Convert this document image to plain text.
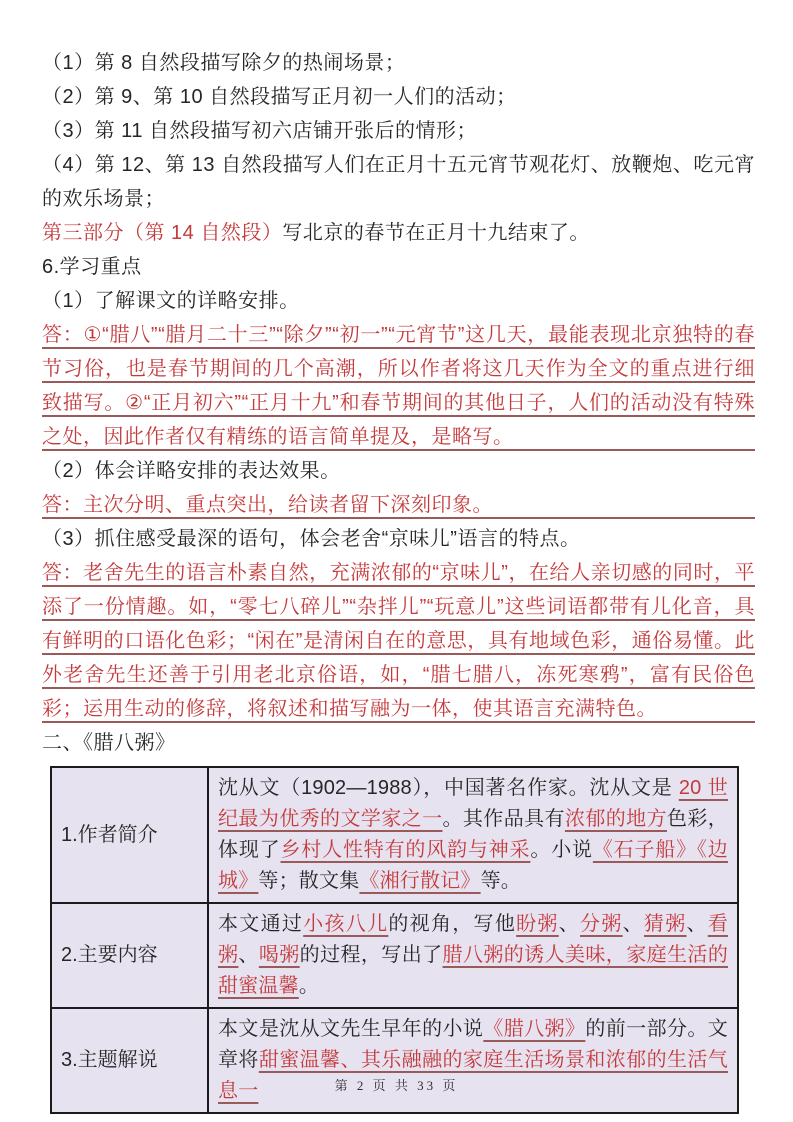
（1）第 8 自然段描写除夕的热闹场景；
（2）第 9、第 10 自然段描写正月初一人们的活动；
（3）第 11 自然段描写初六店铺开张后的情形；
（4）第 12、第 13 自然段描写人们在正月十五元宵节观花灯、放鞭炮、吃元宵的欢乐场景；
第三部分（第 14 自然段）写北京的春节在正月十九结束了。
6.学习重点
（1）了解课文的详略安排。
答：①“腊八”“腊月二十三”“除夕”“初一”“元宵节”这几天，最能表现北京独特的春节习俗，也是春节期间的几个高潮，所以作者将这几天作为全文的重点进行细致描写。②“正月初六”“正月十九”和春节期间的其他日子，人们的活动没有特殊之处，因此作者仅有精练的语言简单提及，是略写。
（2）体会详略安排的表达效果。
答：主次分明、重点突出，给读者留下深刻印象。
（3）抓住感受最深的语句，体会老舍“京味儿”语言的特点。
答：老舍先生的语言朴素自然，充满浓郁的“京味儿”，在给人亲切感的同时，平添了一份情趣。如，“零七八碎儿”“杂拌儿”“玩意儿”这些词语都带有儿化音，具有鲜明的口语化色彩；“闲在”是清闲自在的意思，具有地域色彩，通俗易懂。此外老舍先生还善于引用老北京俗语，如，“腊七腊八，冻死寒鸦”，富有民俗色彩；运用生动的修辞，将叙述和描写融为一体，使其语言充满特色。
二、《腊八粥》
1.作者简介	沈从文（1902—1988），中国著名作家。沈从文是 20 世纪最为优秀的文学家之一。其作品具有浓郁的地方色彩，体现了乡村人性特有的风韵与神采。小说《石子船》《边城》等；散文集《湘行散记》等。
2.主要内容	本文通过小孩八儿的视角，写他盼粥、分粥、猜粥、看粥、喝粥的过程，写出了腊八粥的诱人美味，家庭生活的甜蜜温馨。
3.主题解说	本文是沈从文先生早年的小说《腊八粥》的前一部分。文章将甜蜜温馨、其乐融融的家庭生活场景和浓郁的生活气息一	第 2 页 共 33 页
